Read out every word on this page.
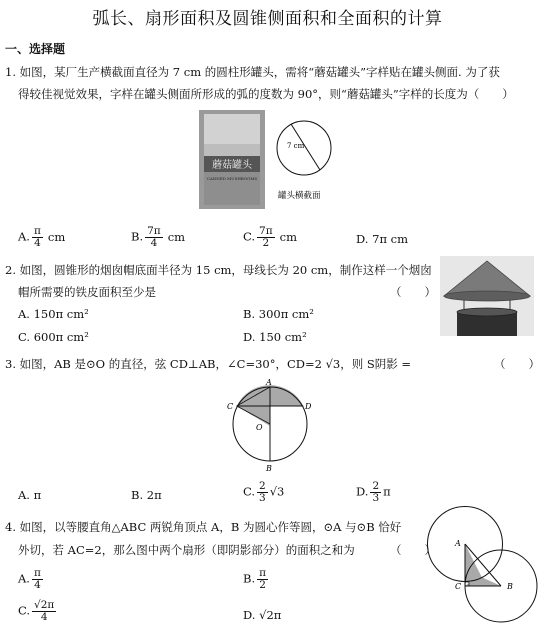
弧长、扇形面积及圆锥侧面积和全面积的计算
一、选择题
1. 如图，某厂生产横截面直径为 7 cm 的圆柱形罐头，需将“蘑菇罐头”字样贴在罐头侧面. 为了获
得较佳视觉效果，字样在罐头侧面所形成的弧的度数为 90°，则“蘑菇罐头”字样的长度为（　　）
蘑菇罐头
CANNED MUSHROOMS
7 cm
罐头横截面
A. $\frac{\pi}{4}$ cm	B. $\frac{7\pi}{4}$ cm	C. $\frac{7\pi}{2}$ cm	D. 7π cm
2. 如图，圆锥形的烟囱帽底面半径为 15 cm，母线长为 20 cm，制作这样一个烟囱
帽所需要的铁皮面积至少是	（　　）
A. 150π cm²	B. 300π cm²
C. 600π cm²	D. 150 cm²
3. 如图，AB 是⊙O 的直径，弦 CD⊥AB，∠C=30°，CD=2 √3，则 S阴影 =	（　　）
A
B
C	D
O
A. π	B. 2π	C. $\frac{2}{3} √3$	D. $\frac{2}{3}$ π
4. 如图，以等腰直角△ABC 两锐角顶点 A，B 为圆心作等圆，⊙A 与⊙B 恰好
外切，若 AC=2，那么图中两个扇形（即阴影部分）的面积之和为	（　　） A
B
C
A. $\frac{\pi}{4}$	B. $\frac{\pi}{2}$
C. $\frac{√2\pi}{4}$	D. √2π
